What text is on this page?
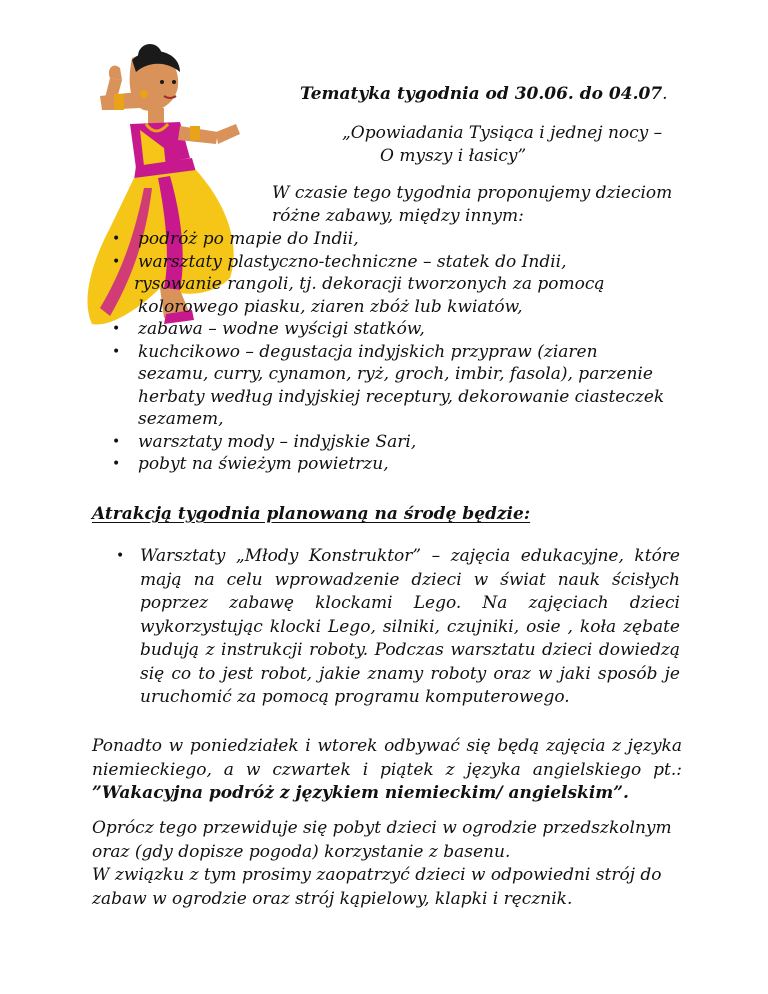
Tematyka tygodnia od 30.06. do 04.07.
„Opowiadania Tysiąca i jednej nocy –
O myszy i łasicy”
W czasie tego tygodnia proponujemy dzieciom
różne zabawy, między innym:
• podróż po mapie do Indii,
• warsztaty plastyczno-techniczne – statek do Indii,
rysowanie rangoli, tj. dekoracji tworzonych za pomocą
kolorowego piasku, ziaren zbóż lub kwiatów,
• zabawa – wodne wyścigi statków,
• kuchcikowo – degustacja indyjskich przypraw (ziaren
sezamu, curry, cynamon, ryż, groch, imbir, fasola), parzenie
herbaty według indyjskiej receptury, dekorowanie ciasteczek
sezamem,
• warsztaty mody – indyjskie Sari,
• pobyt na świeżym powietrzu,
Atrakcją tygodnia planowaną na środę będzie:
• Warsztaty „Młody Konstruktor” – zajęcia edukacyjne, które mają na celu wprowadzenie dzieci w świat nauk ścisłych poprzez zabawę klockami Lego. Na zajęciach dzieci wykorzystując klocki Lego, silniki, czujniki, osie , koła zębate budują z instrukcji roboty. Podczas warsztatu dzieci dowiedzą się co to jest robot, jakie znamy roboty oraz w jaki sposób je uruchomić za pomocą programu komputerowego.
Ponadto w poniedziałek i wtorek odbywać się będą zajęcia z języka niemieckiego, a w czwartek i piątek z języka angielskiego pt.: ”Wakacyjna podróż z językiem niemieckim/ angielskim”.
Oprócz tego przewiduje się pobyt dzieci w ogrodzie przedszkolnym
oraz (gdy dopisze pogoda) korzystanie z basenu.
W związku z tym prosimy zaopatrzyć dzieci w odpowiedni strój do
zabaw w ogrodzie oraz strój kąpielowy, klapki i ręcznik.
